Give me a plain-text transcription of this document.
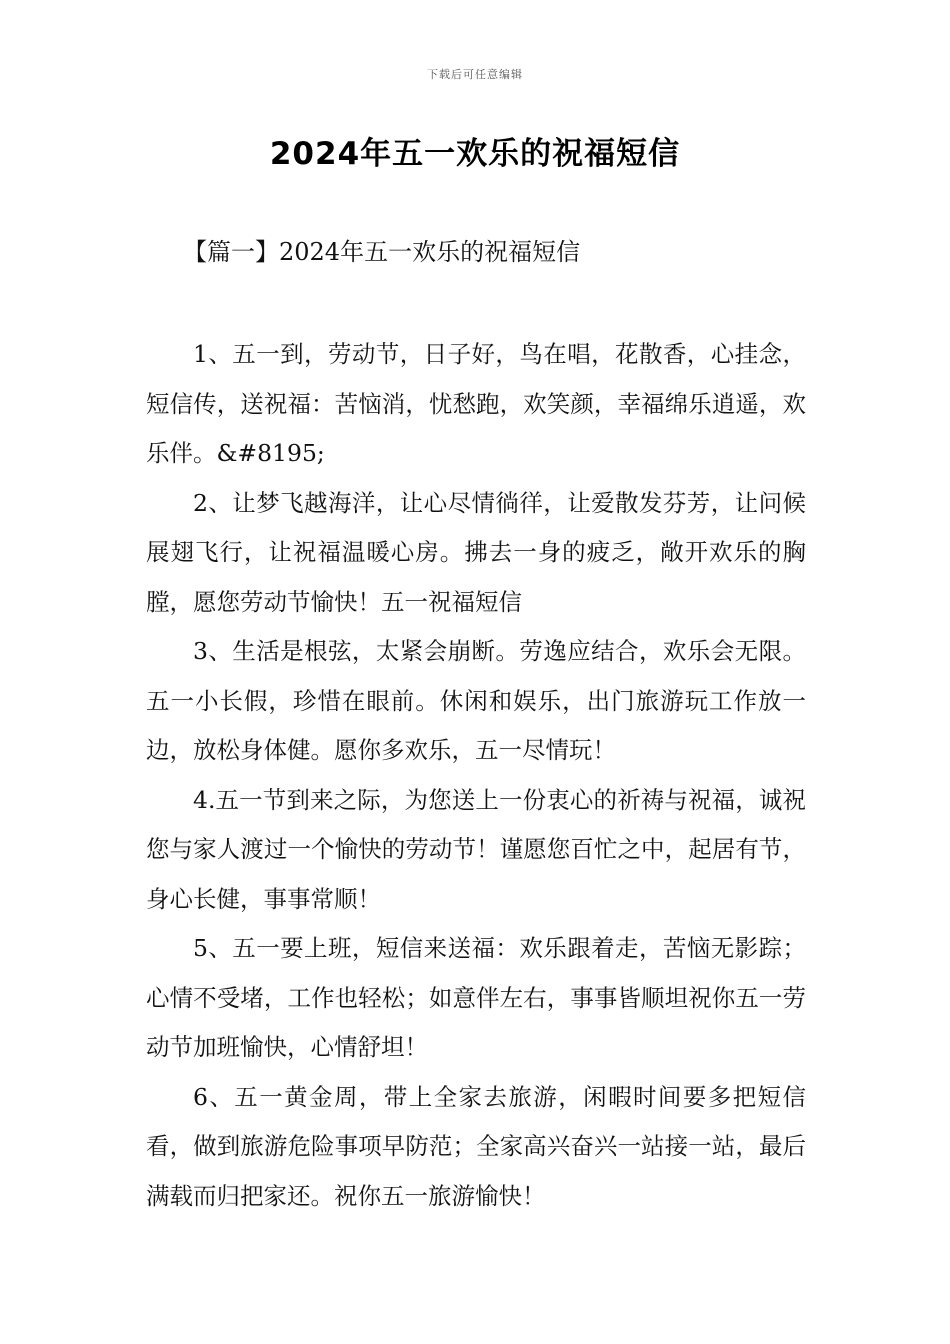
下载后可任意编辑
2024年五一欢乐的祝福短信
【篇一】2024年五一欢乐的祝福短信

1、五一到，劳动节，日子好，鸟在唱，花散香，心挂念，短信传，送祝福：苦恼消，忧愁跑，欢笑颜，幸福绵乐逍遥，欢乐伴。&#8195;

2、让梦飞越海洋，让心尽情徜徉，让爱散发芬芳，让问候展翅飞行，让祝福温暖心房。拂去一身的疲乏，敞开欢乐的胸膛，愿您劳动节愉快！五一祝福短信

3、生活是根弦，太紧会崩断。劳逸应结合，欢乐会无限。五一小长假，珍惜在眼前。休闲和娱乐，出门旅游玩工作放一边，放松身体健。愿你多欢乐，五一尽情玩！

4.五一节到来之际，为您送上一份衷心的祈祷与祝福，诚祝您与家人渡过一个愉快的劳动节！谨愿您百忙之中，起居有节，身心长健，事事常顺！

5、五一要上班，短信来送福：欢乐跟着走，苦恼无影踪；心情不受堵，工作也轻松；如意伴左右，事事皆顺坦祝你五一劳动节加班愉快，心情舒坦！

6、五一黄金周，带上全家去旅游，闲暇时间要多把短信看，做到旅游危险事项早防范；全家高兴奋兴一站接一站，最后满载而归把家还。祝你五一旅游愉快！
